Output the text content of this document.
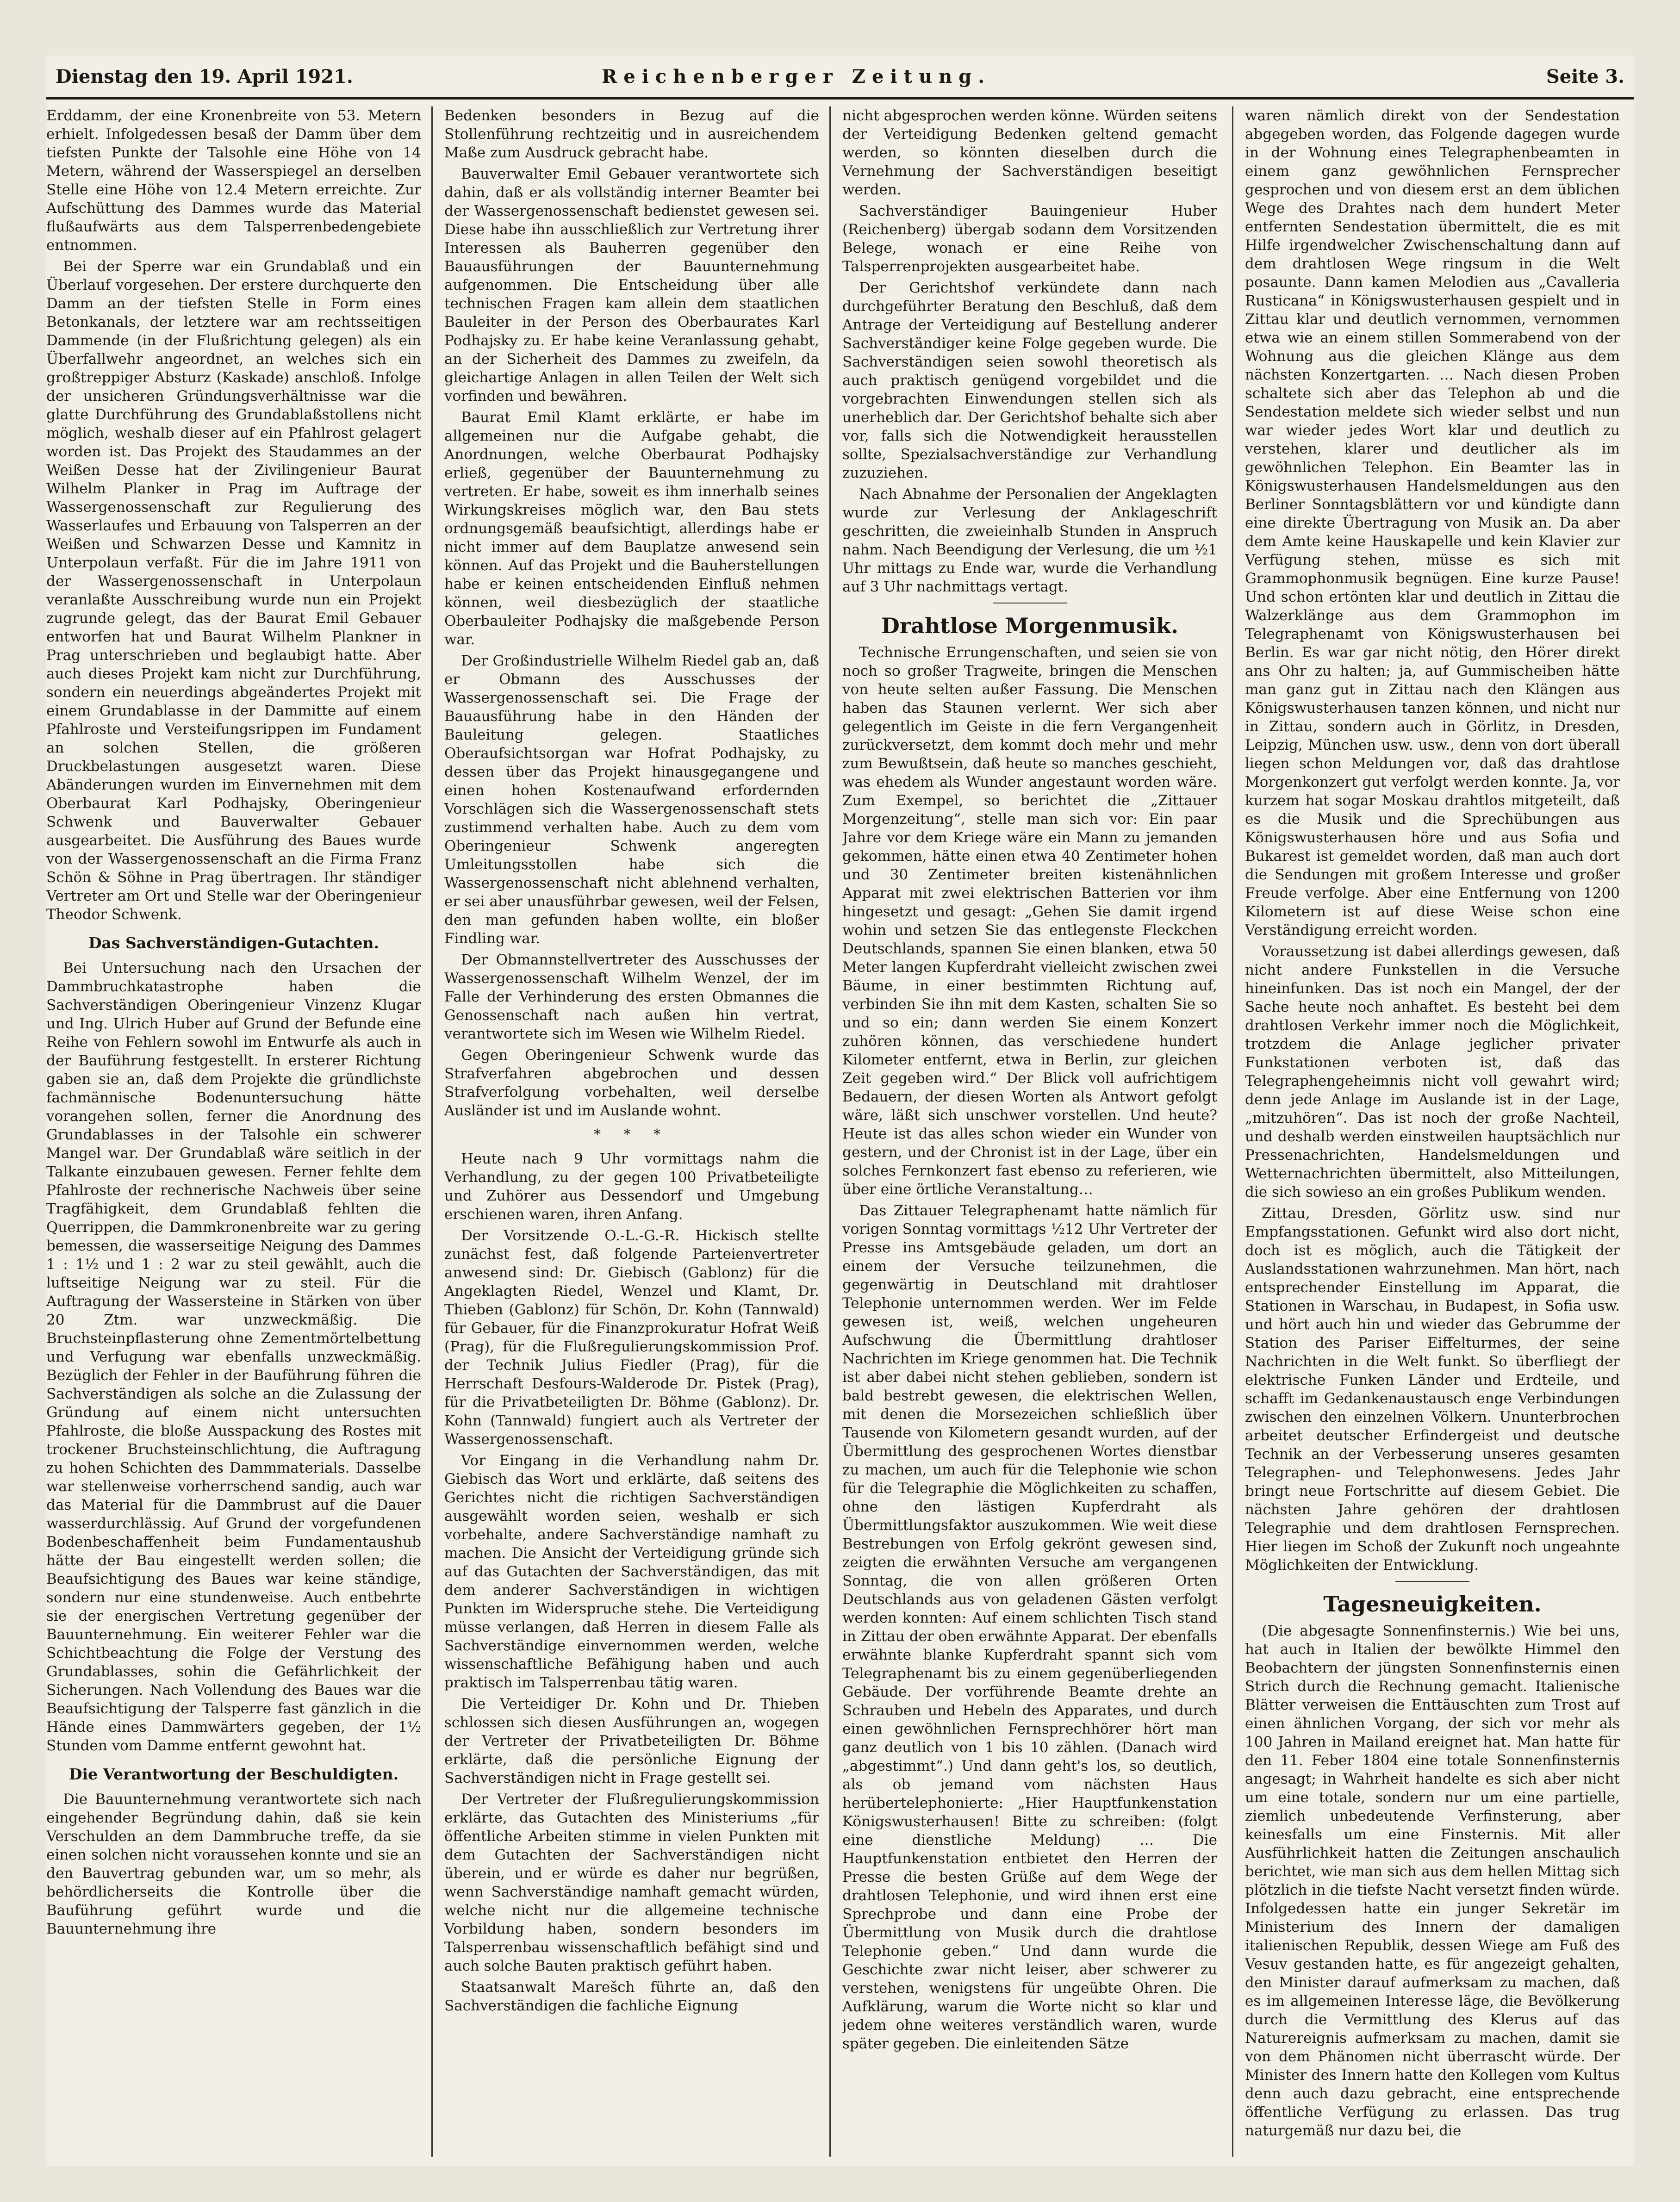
Dienstag den 19. April 1921.	Reichenberger Zeitung.	Seite 3.

Erddamm, der eine Kronenbreite von 53. Metern erhielt. Infolgedessen besaß der Damm über dem tiefsten Punkte der Talsohle eine Höhe von 14 Metern, während der Wasserspiegel an derselben Stelle eine Höhe von 12.4 Metern erreichte. Zur Aufschüttung des Dammes wurde das Material flußaufwärts aus dem Talsperrenbedengebiete entnommen.

Bei der Sperre war ein Grundablaß und ein Überlauf vorgesehen. Der erstere durchquerte den Damm an der tiefsten Stelle in Form eines Betonkanals, der letztere war am rechtsseitigen Dammende (in der Flußrichtung gelegen) als ein Überfallwehr angeordnet, an welches sich ein großtreppiger Absturz (Kaskade) anschloß. Infolge der unsicheren Gründungsverhältnisse war die glatte Durchführung des Grundablaßstollens nicht möglich, weshalb dieser auf ein Pfahlrost gelagert worden ist. Das Projekt des Staudammes an der Weißen Desse hat der Zivilingenieur Baurat Wilhelm Planker in Prag im Auftrage der Wassergenossenschaft zur Regulierung des Wasserlaufes und Erbauung von Talsperren an der Weißen und Schwarzen Desse und Kamnitz in Unterpolaun verfaßt. Für die im Jahre 1911 von der Wassergenossenschaft in Unterpolaun veranlaßte Ausschreibung wurde nun ein Projekt zugrunde gelegt, das der Baurat Emil Gebauer entworfen hat und Baurat Wilhelm Plankner in Prag unterschrieben und beglaubigt hatte. Aber auch dieses Projekt kam nicht zur Durchführung, sondern ein neuerdings abgeändertes Projekt mit einem Grundablasse in der Dammitte auf einem Pfahlroste und Versteifungsrippen im Fundament an solchen Stellen, die größeren Druckbelastungen ausgesetzt waren. Diese Abänderungen wurden im Einvernehmen mit dem Oberbaurat Karl Podhajsky, Oberingenieur Schwenk und Bauverwalter Gebauer ausgearbeitet. Die Ausführung des Baues wurde von der Wassergenossenschaft an die Firma Franz Schön & Söhne in Prag übertragen. Ihr ständiger Vertreter am Ort und Stelle war der Oberingenieur Theodor Schwenk.

Das Sachverständigen-Gutachten.

Bei Untersuchung nach den Ursachen der Dammbruchkatastrophe haben die Sachverständigen Oberingenieur Vinzenz Klugar und Ing. Ulrich Huber auf Grund der Befunde eine Reihe von Fehlern sowohl im Entwurfe als auch in der Bauführung festgestellt. In ersterer Richtung gaben sie an, daß dem Projekte die gründlichste fachmännische Bodenuntersuchung hätte vorangehen sollen, ferner die Anordnung des Grundablasses in der Talsohle ein schwerer Mangel war. Der Grundablaß wäre seitlich in der Talkante einzubauen gewesen. Ferner fehlte dem Pfahlroste der rechnerische Nachweis über seine Tragfähigkeit, dem Grundablaß fehlten die Querrippen, die Dammkronenbreite war zu gering bemessen, die wasserseitige Neigung des Dammes 1 : 1½ und 1 : 2 war zu steil gewählt, auch die luftseitige Neigung war zu steil. Für die Auftragung der Wassersteine in Stärken von über 20 Ztm. war unzweckmäßig. Die Bruchsteinpflasterung ohne Zementmörtelbettung und Verfugung war ebenfalls unzweckmäßig. Bezüglich der Fehler in der Bauführung führen die Sachverständigen als solche an die Zulassung der Gründung auf einem nicht untersuchten Pfahlroste, die bloße Ausspackung des Rostes mit trockener Bruchsteinschlichtung, die Auftragung zu hohen Schichten des Dammmaterials. Dasselbe war stellenweise vorherrschend sandig, auch war das Material für die Dammbrust auf die Dauer wasserdurchlässig. Auf Grund der vorgefundenen Bodenbeschaffenheit beim Fundamentaushub hätte der Bau eingestellt werden sollen; die Beaufsichtigung des Baues war keine ständige, sondern nur eine stundenweise. Auch entbehrte sie der energischen Vertretung gegenüber der Bauunternehmung. Ein weiterer Fehler war die Schichtbeachtung die Folge der Verstung des Grundablasses, sohin die Gefährlichkeit der Sicherungen. Nach Vollendung des Baues war die Beaufsichtigung der Talsperre fast gänzlich in die Hände eines Dammwärters gegeben, der 1½ Stunden vom Damme entfernt gewohnt hat.

Die Verantwortung der Beschuldigten.

Die Bauunternehmung verantwortete sich nach eingehender Begründung dahin, daß sie kein Verschulden an dem Dammbruche treffe, da sie einen solchen nicht voraussehen konnte und sie an den Bauvertrag gebunden war, um so mehr, als behördlicherseits die Kontrolle über die Bauführung geführt wurde und die Bauunternehmung ihre

Bedenken besonders in Bezug auf die Stollenführung rechtzeitig und in ausreichendem Maße zum Ausdruck gebracht habe.

Bauverwalter Emil Gebauer verantwortete sich dahin, daß er als vollständig interner Beamter bei der Wassergenossenschaft bedienstet gewesen sei. Diese habe ihn ausschließlich zur Vertretung ihrer Interessen als Bauherren gegenüber den Bauausführungen der Bauunternehmung aufgenommen. Die Entscheidung über alle technischen Fragen kam allein dem staatlichen Bauleiter in der Person des Oberbaurates Karl Podhajsky zu. Er habe keine Veranlassung gehabt, an der Sicherheit des Dammes zu zweifeln, da gleichartige Anlagen in allen Teilen der Welt sich vorfinden und bewähren.

Baurat Emil Klamt erklärte, er habe im allgemeinen nur die Aufgabe gehabt, die Anordnungen, welche Oberbaurat Podhajsky erließ, gegenüber der Bauunternehmung zu vertreten. Er habe, soweit es ihm innerhalb seines Wirkungskreises möglich war, den Bau stets ordnungsgemäß beaufsichtigt, allerdings habe er nicht immer auf dem Bauplatze anwesend sein können. Auf das Projekt und die Bauherstellungen habe er keinen entscheidenden Einfluß nehmen können, weil diesbezüglich der staatliche Oberbauleiter Podhajsky die maßgebende Person war.

Der Großindustrielle Wilhelm Riedel gab an, daß er Obmann des Ausschusses der Wassergenossenschaft sei. Die Frage der Bauausführung habe in den Händen der Bauleitung gelegen. Staatliches Oberaufsichtsorgan war Hofrat Podhajsky, zu dessen über das Projekt hinausgegangene und einen hohen Kostenaufwand erfordernden Vorschlägen sich die Wassergenossenschaft stets zustimmend verhalten habe. Auch zu dem vom Oberingenieur Schwenk angeregten Umleitungsstollen habe sich die Wassergenossenschaft nicht ablehnend verhalten, er sei aber unausführbar gewesen, weil der Felsen, den man gefunden haben wollte, ein bloßer Findling war.

Der Obmannstellvertreter des Ausschusses der Wassergenossenschaft Wilhelm Wenzel, der im Falle der Verhinderung des ersten Obmannes die Genossenschaft nach außen hin vertrat, verantwortete sich im Wesen wie Wilhelm Riedel.

Gegen Oberingenieur Schwenk wurde das Strafverfahren abgebrochen und dessen Strafverfolgung vorbehalten, weil derselbe Ausländer ist und im Auslande wohnt.

* * *

Heute nach 9 Uhr vormittags nahm die Verhandlung, zu der gegen 100 Privatbeteiligte und Zuhörer aus Dessendorf und Umgebung erschienen waren, ihren Anfang.

Der Vorsitzende O.-L.-G.-R. Hickisch stellte zunächst fest, daß folgende Parteienvertreter anwesend sind: Dr. Giebisch (Gablonz) für die Angeklagten Riedel, Wenzel und Klamt, Dr. Thieben (Gablonz) für Schön, Dr. Kohn (Tannwald) für Gebauer, für die Finanzprokuratur Hofrat Weiß (Prag), für die Flußregulierungskommission Prof. der Technik Julius Fiedler (Prag), für die Herrschaft Desfours-Walderode Dr. Pistek (Prag), für die Privatbeteiligten Dr. Böhme (Gablonz). Dr. Kohn (Tannwald) fungiert auch als Vertreter der Wassergenossenschaft.

Vor Eingang in die Verhandlung nahm Dr. Giebisch das Wort und erklärte, daß seitens des Gerichtes nicht die richtigen Sachverständigen ausgewählt worden seien, weshalb er sich vorbehalte, andere Sachverständige namhaft zu machen. Die Ansicht der Verteidigung gründe sich auf das Gutachten der Sachverständigen, das mit dem anderer Sachverständigen in wichtigen Punkten im Widerspruche stehe. Die Verteidigung müsse verlangen, daß Herren in diesem Falle als Sachverständige einvernommen werden, welche wissenschaftliche Befähigung haben und auch praktisch im Talsperrenbau tätig waren.

Die Verteidiger Dr. Kohn und Dr. Thieben schlossen sich diesen Ausführungen an, wogegen der Vertreter der Privatbeteiligten Dr. Böhme erklärte, daß die persönliche Eignung der Sachverständigen nicht in Frage gestellt sei.

Der Vertreter der Flußregulierungskommission erklärte, das Gutachten des Ministeriums „für öffentliche Arbeiten stimme in vielen Punkten mit dem Gutachten der Sachverständigen nicht überein, und er würde es daher nur begrüßen, wenn Sachverständige namhaft gemacht würden, welche nicht nur die allgemeine technische Vorbildung haben, sondern besonders im Talsperrenbau wissenschaftlich befähigt sind und auch solche Bauten praktisch geführt haben.

Staatsanwalt Marešch führte an, daß den Sachverständigen die fachliche Eignung

nicht abgesprochen werden könne. Würden seitens der Verteidigung Bedenken geltend gemacht werden, so könnten dieselben durch die Vernehmung der Sachverständigen beseitigt werden.

Sachverständiger Bauingenieur Huber (Reichenberg) übergab sodann dem Vorsitzenden Belege, wonach er eine Reihe von Talsperrenprojekten ausgearbeitet habe.

Der Gerichtshof verkündete dann nach durchgeführter Beratung den Beschluß, daß dem Antrage der Verteidigung auf Bestellung anderer Sachverständiger keine Folge gegeben wurde. Die Sachverständigen seien sowohl theoretisch als auch praktisch genügend vorgebildet und die vorgebrachten Einwendungen stellen sich als unerheblich dar. Der Gerichtshof behalte sich aber vor, falls sich die Notwendigkeit herausstellen sollte, Spezialsachverständige zur Verhandlung zuzuziehen.

Nach Abnahme der Personalien der Angeklagten wurde zur Verlesung der Anklageschrift geschritten, die zweieinhalb Stunden in Anspruch nahm. Nach Beendigung der Verlesung, die um ½1 Uhr mittags zu Ende war, wurde die Verhandlung auf 3 Uhr nachmittags vertagt.

Drahtlose Morgenmusik.

Technische Errungenschaften, und seien sie von noch so großer Tragweite, bringen die Menschen von heute selten außer Fassung. Die Menschen haben das Staunen verlernt. Wer sich aber gelegentlich im Geiste in die fern Vergangenheit zurückversetzt, dem kommt doch mehr und mehr zum Bewußtsein, daß heute so manches geschieht, was ehedem als Wunder angestaunt worden wäre. Zum Exempel, so berichtet die „Zittauer Morgenzeitung“, stelle man sich vor: Ein paar Jahre vor dem Kriege wäre ein Mann zu jemanden gekommen, hätte einen etwa 40 Zentimeter hohen und 30 Zentimeter breiten kistenähnlichen Apparat mit zwei elektrischen Batterien vor ihm hingesetzt und gesagt: „Gehen Sie damit irgend wohin und setzen Sie das entlegenste Fleckchen Deutschlands, spannen Sie einen blanken, etwa 50 Meter langen Kupferdraht vielleicht zwischen zwei Bäume, in einer bestimmten Richtung auf, verbinden Sie ihn mit dem Kasten, schalten Sie so und so ein; dann werden Sie einem Konzert zuhören können, das verschiedene hundert Kilometer entfernt, etwa in Berlin, zur gleichen Zeit gegeben wird.“ Der Blick voll aufrichtigem Bedauern, der diesen Worten als Antwort gefolgt wäre, läßt sich unschwer vorstellen. Und heute? Heute ist das alles schon wieder ein Wunder von gestern, und der Chronist ist in der Lage, über ein solches Fernkonzert fast ebenso zu referieren, wie über eine örtliche Veranstaltung…

Das Zittauer Telegraphenamt hatte nämlich für vorigen Sonntag vormittags ½12 Uhr Vertreter der Presse ins Amtsgebäude geladen, um dort an einem der Versuche teilzunehmen, die gegenwärtig in Deutschland mit drahtloser Telephonie unternommen werden. Wer im Felde gewesen ist, weiß, welchen ungeheuren Aufschwung die Übermittlung drahtloser Nachrichten im Kriege genommen hat. Die Technik ist aber dabei nicht stehen geblieben, sondern ist bald bestrebt gewesen, die elektrischen Wellen, mit denen die Morsezeichen schließlich über Tausende von Kilometern gesandt wurden, auf der Übermittlung des gesprochenen Wortes dienstbar zu machen, um auch für die Telephonie wie schon für die Telegraphie die Möglichkeiten zu schaffen, ohne den lästigen Kupferdraht als Übermittlungsfaktor auszukommen. Wie weit diese Bestrebungen von Erfolg gekrönt gewesen sind, zeigten die erwähnten Versuche am vergangenen Sonntag, die von allen größeren Orten Deutschlands aus von geladenen Gästen verfolgt werden konnten: Auf einem schlichten Tisch stand in Zittau der oben erwähnte Apparat. Der ebenfalls erwähnte blanke Kupferdraht spannt sich vom Telegraphenamt bis zu einem gegenüberliegenden Gebäude. Der vorführende Beamte drehte an Schrauben und Hebeln des Apparates, und durch einen gewöhnlichen Fernsprechhörer hört man ganz deutlich von 1 bis 10 zählen. (Danach wird „abgestimmt“.) Und dann geht's los, so deutlich, als ob jemand vom nächsten Haus herübertelephonierte: „Hier Hauptfunkenstation Königswusterhausen! Bitte zu schreiben: (folgt eine dienstliche Meldung) … Die Hauptfunkenstation entbietet den Herren der Presse die besten Grüße auf dem Wege der drahtlosen Telephonie, und wird ihnen erst eine Sprechprobe und dann eine Probe der Übermittlung von Musik durch die drahtlose Telephonie geben.“ Und dann wurde die Geschichte zwar nicht leiser, aber schwerer zu verstehen, wenigstens für ungeübte Ohren. Die Aufklärung, warum die Worte nicht so klar und jedem ohne weiteres verständlich waren, wurde später gegeben. Die einleitenden Sätze

waren nämlich direkt von der Sendestation abgegeben worden, das Folgende dagegen wurde in der Wohnung eines Telegraphenbeamten in einem ganz gewöhnlichen Fernsprecher gesprochen und von diesem erst an dem üblichen Wege des Drahtes nach dem hundert Meter entfernten Sendestation übermittelt, die es mit Hilfe irgendwelcher Zwischenschaltung dann auf dem drahtlosen Wege ringsum in die Welt posaunte. Dann kamen Melodien aus „Cavalleria Rusticana“ in Königswusterhausen gespielt und in Zittau klar und deutlich vernommen, vernommen etwa wie an einem stillen Sommerabend von der Wohnung aus die gleichen Klänge aus dem nächsten Konzertgarten. … Nach diesen Proben schaltete sich aber das Telephon ab und die Sendestation meldete sich wieder selbst und nun war wieder jedes Wort klar und deutlich zu verstehen, klarer und deutlicher als im gewöhnlichen Telephon. Ein Beamter las in Königswusterhausen Handelsmeldungen aus den Berliner Sonntagsblättern vor und kündigte dann eine direkte Übertragung von Musik an. Da aber dem Amte keine Hauskapelle und kein Klavier zur Verfügung stehen, müsse es sich mit Grammophonmusik begnügen. Eine kurze Pause! Und schon ertönten klar und deutlich in Zittau die Walzerklänge aus dem Grammophon im Telegraphenamt von Königswusterhausen bei Berlin. Es war gar nicht nötig, den Hörer direkt ans Ohr zu halten; ja, auf Gummischeiben hätte man ganz gut in Zittau nach den Klängen aus Königswusterhausen tanzen können, und nicht nur in Zittau, sondern auch in Görlitz, in Dresden, Leipzig, München usw. usw., denn von dort überall liegen schon Meldungen vor, daß das drahtlose Morgenkonzert gut verfolgt werden konnte. Ja, vor kurzem hat sogar Moskau drahtlos mitgeteilt, daß es die Musik und die Sprechübungen aus Königswusterhausen höre und aus Sofia und Bukarest ist gemeldet worden, daß man auch dort die Sendungen mit großem Interesse und großer Freude verfolge. Aber eine Entfernung von 1200 Kilometern ist auf diese Weise schon eine Verständigung erreicht worden.

Voraussetzung ist dabei allerdings gewesen, daß nicht andere Funkstellen in die Versuche hineinfunken. Das ist noch ein Mangel, der der Sache heute noch anhaftet. Es besteht bei dem drahtlosen Verkehr immer noch die Möglichkeit, trotzdem die Anlage jeglicher privater Funkstationen verboten ist, daß das Telegraphengeheimnis nicht voll gewahrt wird; denn jede Anlage im Auslande ist in der Lage, „mitzuhören“. Das ist noch der große Nachteil, und deshalb werden einstweilen hauptsächlich nur Pressenachrichten, Handelsmeldungen und Wetternachrichten übermittelt, also Mitteilungen, die sich sowieso an ein großes Publikum wenden.

Zittau, Dresden, Görlitz usw. sind nur Empfangsstationen. Gefunkt wird also dort nicht, doch ist es möglich, auch die Tätigkeit der Auslandsstationen wahrzunehmen. Man hört, nach entsprechender Einstellung im Apparat, die Stationen in Warschau, in Budapest, in Sofia usw. und hört auch hin und wieder das Gebrumme der Station des Pariser Eiffelturmes, der seine Nachrichten in die Welt funkt. So überfliegt der elektrische Funken Länder und Erdteile, und schafft im Gedankenaustausch enge Verbindungen zwischen den einzelnen Völkern. Ununterbrochen arbeitet deutscher Erfindergeist und deutsche Technik an der Verbesserung unseres gesamten Telegraphen- und Telephonwesens. Jedes Jahr bringt neue Fortschritte auf diesem Gebiet. Die nächsten Jahre gehören der drahtlosen Telegraphie und dem drahtlosen Fernsprechen. Hier liegen im Schoß der Zukunft noch ungeahnte Möglichkeiten der Entwicklung.

Tagesneuigkeiten.

(Die abgesagte Sonnenfinsternis.) Wie bei uns, hat auch in Italien der bewölkte Himmel den Beobachtern der jüngsten Sonnenfinsternis einen Strich durch die Rechnung gemacht. Italienische Blätter verweisen die Enttäuschten zum Trost auf einen ähnlichen Vorgang, der sich vor mehr als 100 Jahren in Mailand ereignet hat. Man hatte für den 11. Feber 1804 eine totale Sonnenfinsternis angesagt; in Wahrheit handelte es sich aber nicht um eine totale, sondern nur um eine partielle, ziemlich unbedeutende Verfinsterung, aber keinesfalls um eine Finsternis. Mit aller Ausführlichkeit hatten die Zeitungen anschaulich berichtet, wie man sich aus dem hellen Mittag sich plötzlich in die tiefste Nacht versetzt finden würde. Infolgedessen hatte ein junger Sekretär im Ministerium des Innern der damaligen italienischen Republik, dessen Wiege am Fuß des Vesuv gestanden hatte, es für angezeigt gehalten, den Minister darauf aufmerksam zu machen, daß es im allgemeinen Interesse läge, die Bevölkerung durch die Vermittlung des Klerus auf das Naturereignis aufmerksam zu machen, damit sie von dem Phänomen nicht überrascht würde. Der Minister des Innern hatte den Kollegen vom Kultus denn auch dazu gebracht, eine entsprechende öffentliche Verfügung zu erlassen. Das trug naturgemäß nur dazu bei, die
